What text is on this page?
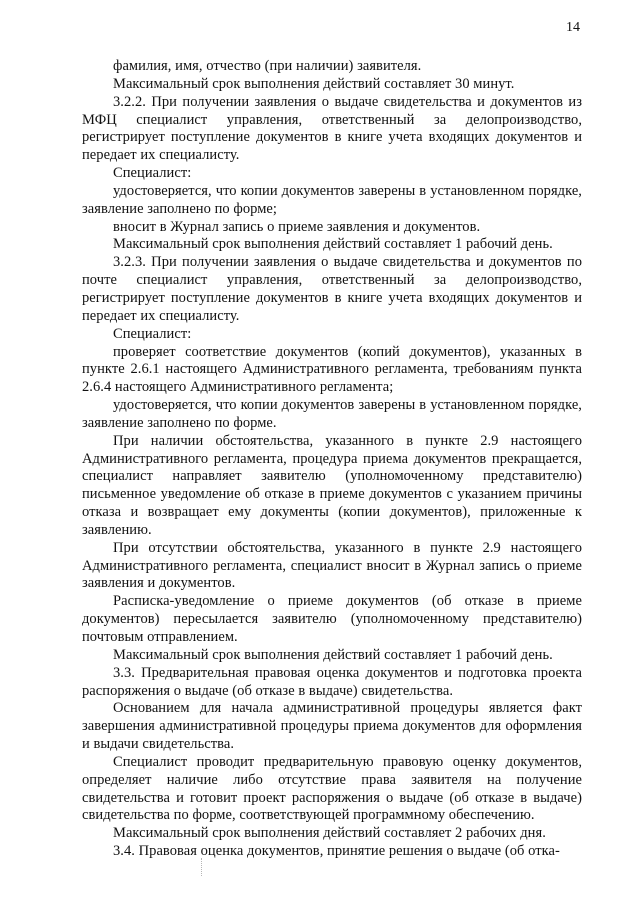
14

фамилия, имя, отчество (при наличии) заявителя.

Максимальный срок выполнения действий составляет 30 минут.

3.2.2. При получении заявления о выдаче свидетельства и документов из МФЦ специалист управления, ответственный за делопроизводство, регистрирует поступление документов в книге учета входящих документов и передает их специалисту.

Специалист:

удостоверяется, что копии документов заверены в установленном порядке, заявление заполнено по форме;

вносит в Журнал запись о приеме заявления и документов.

Максимальный срок выполнения действий составляет 1 рабочий день.

3.2.3. При получении заявления о выдаче свидетельства и документов по почте специалист управления, ответственный за делопроизводство, регистрирует поступление документов в книге учета входящих документов и передает их специалисту.

Специалист:

проверяет соответствие документов (копий документов), указанных в пункте 2.6.1 настоящего Административного регламента, требованиям пункта 2.6.4 настоящего Административного регламента;

удостоверяется, что копии документов заверены в установленном порядке, заявление заполнено по форме.

При наличии обстоятельства, указанного в пункте 2.9 настоящего Административного регламента, процедура приема документов прекращается, специалист направляет заявителю (уполномоченному представителю) письменное уведомление об отказе в приеме документов с указанием причины отказа и возвращает ему документы (копии документов), приложенные к заявлению.

При отсутствии обстоятельства, указанного в пункте 2.9 настоящего Административного регламента, специалист вносит в Журнал запись о приеме заявления и документов.

Расписка-уведомление о приеме документов (об отказе в приеме документов) пересылается заявителю (уполномоченному представителю) почтовым отправлением.

Максимальный срок выполнения действий составляет 1 рабочий день.

3.3. Предварительная правовая оценка документов и подготовка проекта распоряжения о выдаче (об отказе в выдаче) свидетельства.

Основанием для начала административной процедуры является факт завершения административной процедуры приема документов для оформления и выдачи свидетельства.

Специалист проводит предварительную правовую оценку документов, определяет наличие либо отсутствие права заявителя на получение свидетельства и готовит проект распоряжения о выдаче (об отказе в выдаче) свидетельства по форме, соответствующей программному обеспечению.

Максимальный срок выполнения действий составляет 2 рабочих дня.

3.4. Правовая оценка документов, принятие решения о выдаче (об отка-
